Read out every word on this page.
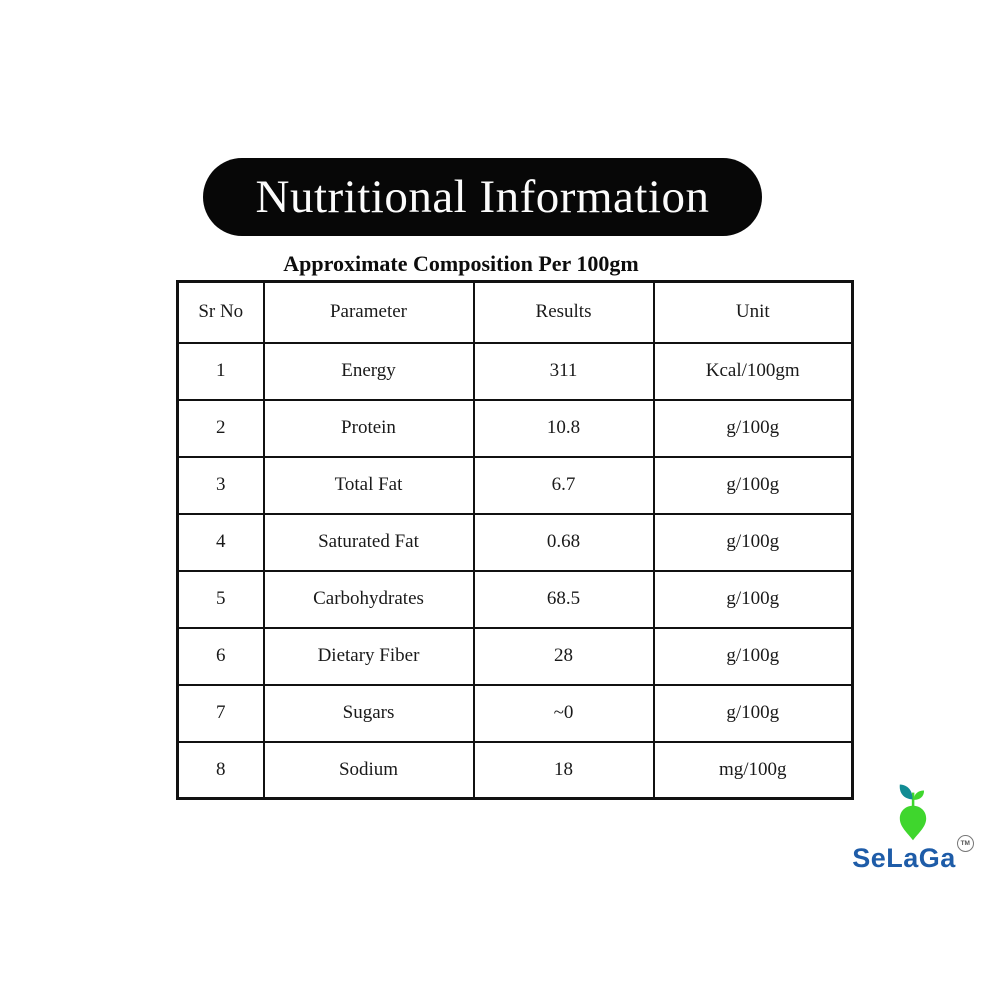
Nutritional Information
Approximate Composition Per 100gm
Sr No	Parameter	Results	Unit
1	Energy	311	Kcal/100gm
2	Protein	10.8	g/100g
3	Total Fat	6.7	g/100g
4	Saturated Fat	0.68	g/100g
5	Carbohydrates	68.5	g/100g
6	Dietary Fiber	28	g/100g
7	Sugars	~0	g/100g
8	Sodium	18	mg/100g
SeLaGa TM
